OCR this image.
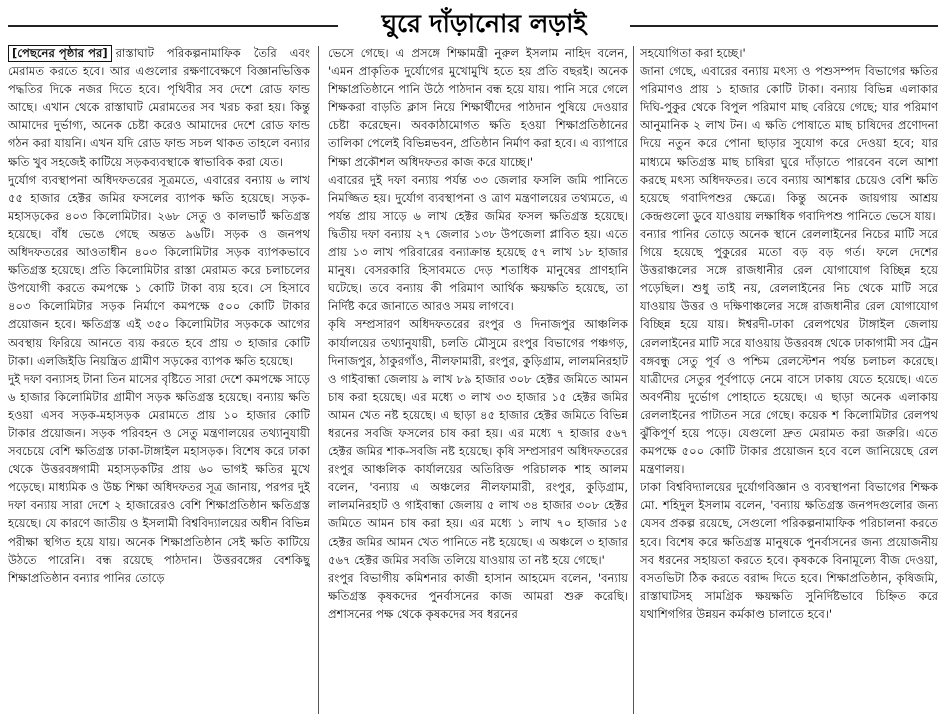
ঘুরে দাঁড়ানোর লড়াই

[পেছনের পৃষ্ঠার পর] রাস্তাঘাট পরিকল্পনামাফিক তৈরি এবং মেরামত করতে হবে। আর এগুলোর রক্ষণাবেক্ষণে বিজ্ঞানভিত্তিক পদ্ধতির দিকে নজর দিতে হবে। পৃথিবীর সব দেশে রোড ফান্ড আছে। এখান থেকে রাস্তাঘাট মেরামতের সব খরচ করা হয়। কিন্তু আমাদের দুর্ভাগ্য, অনেক চেষ্টা করেও আমাদের দেশে রোড ফান্ড গঠন করা যায়নি। এখন যদি রোড ফান্ড সচল থাকত তাহলে বন্যার ক্ষতি খুব সহজেই কাটিয়ে সড়কব্যবস্থাকে স্বাভাবিক করা যেত।

দুর্যোগ ব্যবস্থাপনা অধিদফতরের সূত্রমতে, এবারের বন্যায় ৬ লাখ ৫৫ হাজার হেক্টর জমির ফসলের ব্যাপক ক্ষতি হয়েছে। সড়ক-মহাসড়কের ৪০৩ কিলোমিটার। ২৬৮ সেতু ও কালভার্ট ক্ষতিগ্রস্ত হয়েছে। বাঁধ ভেঙে গেছে অন্তত ৯৬টি। সড়ক ও জনপথ অধিদফতরের আওতাধীন ৪০৩ কিলোমিটার সড়ক ব্যাপকভাবে ক্ষতিগ্রস্ত হয়েছে। প্রতি কিলোমিটার রাস্তা মেরামত করে চলাচলের উপযোগী করতে কমপক্ষে ১ কোটি টাকা ব্যয় হবে। সে হিসাবে ৪০৩ কিলোমিটার সড়ক নির্মাণে কমপক্ষে ৫০০ কোটি টাকার প্রয়োজন হবে। ক্ষতিগ্রস্ত এই ৩৫০ কিলোমিটার সড়ককে আগের অবস্থায় ফিরিয়ে আনতে ব্যয় করতে হবে প্রায় ৩ হাজার কোটি টাকা। এলজিইডি নিয়ন্ত্রিত গ্রামীণ সড়কের ব্যাপক ক্ষতি হয়েছে।

দুই দফা বন্যাসহ টানা তিন মাসের বৃষ্টিতে সারা দেশে কমপক্ষে সাড়ে ৬ হাজার কিলোমিটার গ্রামীণ সড়ক ক্ষতিগ্রস্ত হয়েছে। বন্যায় ক্ষতি হওয়া এসব সড়ক-মহাসড়ক মেরামতে প্রায় ১০ হাজার কোটি টাকার প্রয়োজন। সড়ক পরিবহন ও সেতু মন্ত্রণালয়ের তথ্যানুযায়ী সবচেয়ে বেশি ক্ষতিগ্রস্ত ঢাকা-টাঙ্গাইল মহাসড়ক। বিশেষ করে ঢাকা থেকে উত্তরবঙ্গগামী মহাসড়কটির প্রায় ৬০ ভাগই ক্ষতির মুখে পড়েছে। মাধ্যমিক ও উচ্চ শিক্ষা অধিদফতর সূত্র জানায়, পরপর দুই দফা বন্যায় সারা দেশে ২ হাজারেরও বেশি শিক্ষাপ্রতিষ্ঠান ক্ষতিগ্রস্ত হয়েছে। যে কারণে জাতীয় ও ইসলামী বিশ্ববিদ্যালয়ের অধীন বিভিন্ন পরীক্ষা স্থগিত হয়ে যায়। অনেক শিক্ষাপ্রতিষ্ঠান সেই ক্ষতি কাটিয়ে উঠতে পারেনি। বন্ধ রয়েছে পাঠদান। উত্তরবঙ্গের বেশকিছু শিক্ষাপ্রতিষ্ঠান বন্যার পানির তোড়ে

ভেসে গেছে। এ প্রসঙ্গে শিক্ষামন্ত্রী নুরুল ইসলাম নাহিদ বলেন, 'এমন প্রাকৃতিক দুর্যোগের মুখোমুখি হতে হয় প্রতি বছরই। অনেক শিক্ষাপ্রতিষ্ঠানে পানি উঠে পাঠদান বন্ধ হয়ে যায়। পানি সরে গেলে শিক্ষকরা বাড়তি ক্লাস নিয়ে শিক্ষার্থীদের পাঠদান পুষিয়ে দেওয়ার চেষ্টা করেছেন। অবকাঠামোগত ক্ষতি হওয়া শিক্ষাপ্রতিষ্ঠানের তালিকা পেলেই বিভিন্নভবন, প্রতিষ্ঠান নির্মাণ করা হবে। এ ব্যাপারে শিক্ষা প্রকৌশল অধিদফতর কাজ করে যাচ্ছে।'

এবারের দুই দফা বন্যায় পর্যন্ত ৩৩ জেলার ফসলি জমি পানিতে নিমজ্জিত হয়। দুর্যোগ ব্যবস্থাপনা ও ত্রাণ মন্ত্রণালয়ের তথ্যমতে, এ পর্যন্ত প্রায় সাড়ে ৬ লাখ হেক্টর জমির ফসল ক্ষতিগ্রস্ত হয়েছে। দ্বিতীয় দফা বন্যায় ২৭ জেলার ১৩৮ উপজেলা প্লাবিত হয়। এতে প্রায় ১৩ লাখ পরিবারের বন্যাক্রান্ত হয়েছে ৫৭ লাখ ১৮ হাজার মানুষ। বেসরকারি হিসাবমতে দেড় শতাধিক মানুষের প্রাণহানি ঘটেছে। তবে বন্যায় কী পরিমাণ আর্থিক ক্ষয়ক্ষতি হয়েছে, তা নির্দিষ্ট করে জানাতে আরও সময় লাগবে।

কৃষি সম্প্রসারণ অধিদফতরের রংপুর ও দিনাজপুর আঞ্চলিক কার্যালয়ের তথ্যানুযায়ী, চলতি মৌসুমে রংপুর বিভাগের পঞ্চগড়, দিনাজপুর, ঠাকুরগাঁও, নীলফামারী, রংপুর, কুড়িগ্রাম, লালমনিরহাট ও গাইবান্ধা জেলায় ৯ লাখ ৮৯ হাজার ৩০৮ হেক্টর জমিতে আমন চাষ করা হয়েছে। এর মধ্যে ৩ লাখ ৩৩ হাজার ১৫ হেক্টর জমির আমন খেত নষ্ট হয়েছে। এ ছাড়া ৪৫ হাজার হেক্টর জমিতে বিভিন্ন ধরনের সবজি ফসলের চাষ করা হয়। এর মধ্যে ৭ হাজার ৫৬৭ হেক্টর জমির শাক-সবজি নষ্ট হয়েছে। কৃষি সম্প্রসারণ অধিদফতরের রংপুর আঞ্চলিক কার্যালয়ের অতিরিক্ত পরিচালক শাহ আলম বলেন, 'বন্যায় এ অঞ্চলের নীলফামারী, রংপুর, কুড়িগ্রাম, লালমনিরহাট ও গাইবান্ধা জেলায় ৫ লাখ ৩৪ হাজার ৩০৮ হেক্টর জমিতে আমন চাষ করা হয়। এর মধ্যে ১ লাখ ৭০ হাজার ১৫ হেক্টর জমির আমন খেত পানিতে নষ্ট হয়েছে। এ অঞ্চলে ৩ হাজার ৫৬৭ হেক্টর জমির সবজি তলিয়ে যাওয়ায় তা নষ্ট হয়ে গেছে।'

রংপুর বিভাগীয় কমিশনার কাজী হাসান আহমেদ বলেন, 'বন্যায় ক্ষতিগ্রস্ত কৃষকদের পুনর্বাসনের কাজ আমরা শুরু করেছি। প্রশাসনের পক্ষ থেকে কৃষকদের সব ধরনের

সহযোগিতা করা হচ্ছে।'

জানা গেছে, এবারের বন্যায় মৎস্য ও পশুসম্পদ বিভাগের ক্ষতির পরিমাণও প্রায় ১ হাজার কোটি টাকা। বন্যায় বিভিন্ন এলাকার দিঘি-পুকুর থেকে বিপুল পরিমাণ মাছ বেরিয়ে গেছে; যার পরিমাণ আনুমানিক ২ লাখ টন। এ ক্ষতি পোষাতে মাছ চাষিদের প্রণোদনা দিয়ে নতুন করে পোনা ছাড়ার সুযোগ করে দেওয়া হবে; যার মাধ্যমে ক্ষতিগ্রস্ত মাছ চাষিরা ঘুরে দাঁড়াতে পারবেন বলে আশা করছে মৎস্য অধিদফতর। তবে বন্যায় আশঙ্কার চেয়েও বেশি ক্ষতি হয়েছে গবাদিপশুর ক্ষেত্রে। কিন্তু অনেক জায়গায় আশ্রয় কেন্দ্রগুলো ডুবে যাওয়ায় লক্ষাধিক গবাদিপশু পানিতে ভেসে যায়।

বন্যার পানির তোড়ে অনেক স্থানে রেললাইনের নিচের মাটি সরে গিয়ে হয়েছে পুকুরের মতো বড় বড় গর্ত। ফলে দেশের উত্তরাঞ্চলের সঙ্গে রাজধানীর রেল যোগাযোগ বিচ্ছিন্ন হয়ে পড়েছিল। শুধু তাই নয়, রেললাইনের নিচ থেকে মাটি সরে যাওয়ায় উত্তর ও দক্ষিণাঞ্চলের সঙ্গে রাজধানীর রেল যোগাযোগ বিচ্ছিন্ন হয়ে যায়। ঈশ্বরদী-ঢাকা রেলপথের টাঙ্গাইল জেলায় রেললাইনের মাটি সরে যাওয়ায় উত্তরবঙ্গ থেকে ঢাকাগামী সব ট্রেন বঙ্গবন্ধু সেতু পূর্ব ও পশ্চিম রেলস্টেশন পর্যন্ত চলাচল করেছে। যাত্রীদের সেতুর পূর্বপাড়ে নেমে বাসে ঢাকায় যেতে হয়েছে। এতে অবর্ণনীয় দুর্ভোগ পোহাতে হয়েছে। এ ছাড়া অনেক এলাকায় রেললাইনের পাটাতন সরে গেছে। কয়েক শ কিলোমিটার রেলপথ ঝুঁকিপূর্ণ হয়ে পড়ে। যেগুলো দ্রুত মেরামত করা জরুরি। এতে কমপক্ষে ৫০০ কোটি টাকার প্রয়োজন হবে বলে জানিয়েছে রেল মন্ত্রণালয়।

ঢাকা বিশ্ববিদ্যালয়ের দুর্যোগবিজ্ঞান ও ব্যবস্থাপনা বিভাগের শিক্ষক মো. শহিদুল ইসলাম বলেন, 'বন্যায় ক্ষতিগ্রস্ত জনপদগুলোর জন্য যেসব প্রকল্প রয়েছে, সেগুলো পরিকল্পনামাফিক পরিচালনা করতে হবে। বিশেষ করে ক্ষতিগ্রস্ত মানুষকে পুনর্বাসনের জন্য প্রয়োজনীয় সব ধরনের সহায়তা করতে হবে। কৃষককে বিনামূল্যে বীজ দেওয়া, বসতভিটা ঠিক করতে বরাদ্দ দিতে হবে। শিক্ষাপ্রতিষ্ঠান, কৃষিজমি, রাস্তাঘাটসহ সামগ্রিক ক্ষয়ক্ষতি সুনির্দিষ্টভাবে চিহ্নিত করে যথাশিগগির উন্নয়ন কর্মকাণ্ড চালাতে হবে।'
